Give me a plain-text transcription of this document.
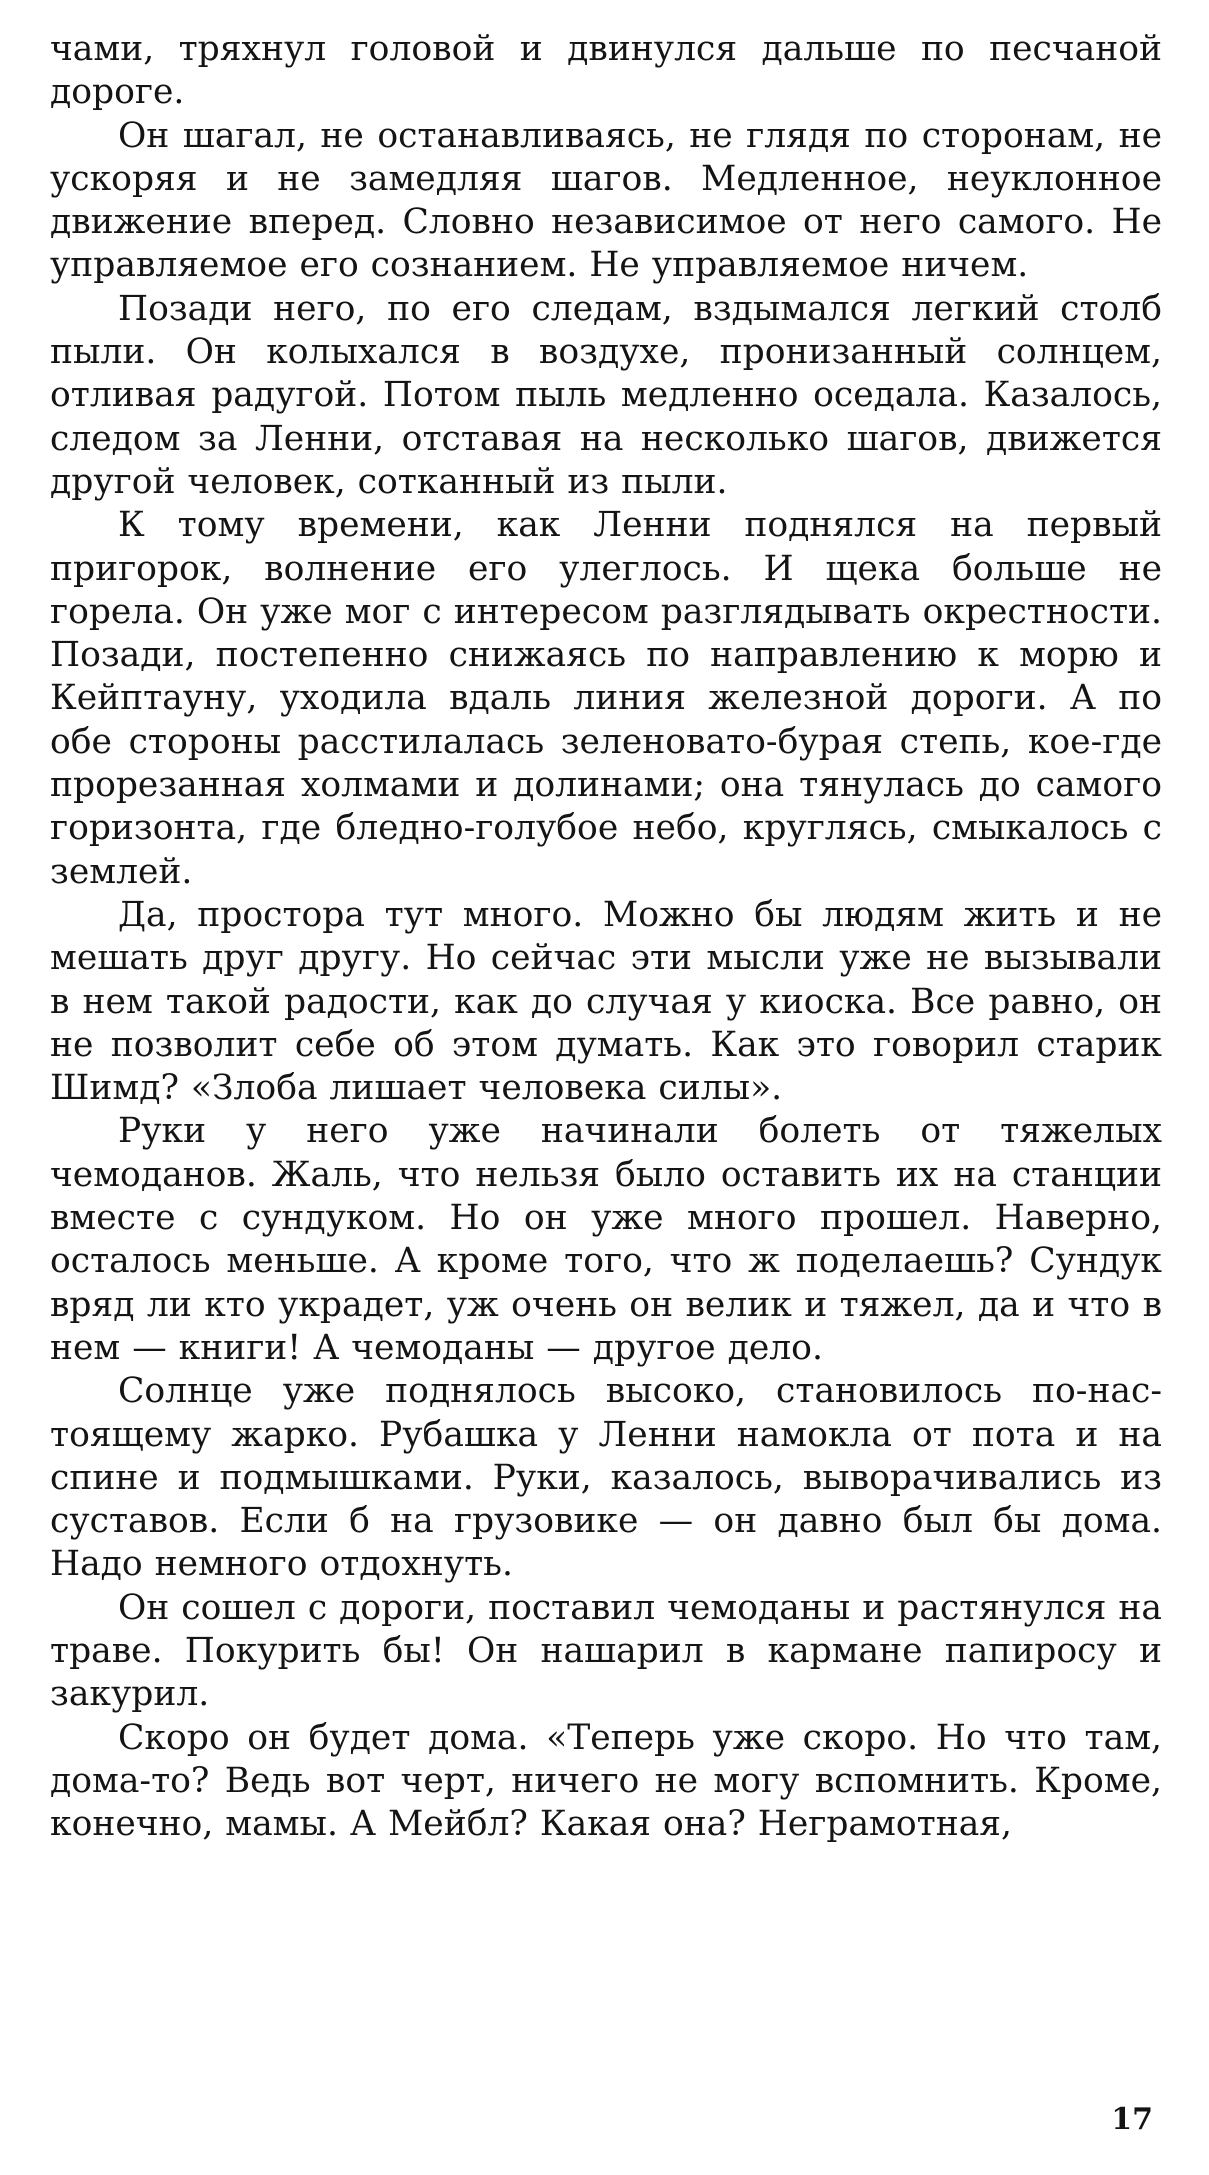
чами, тряхнул головой и двинулся дальше по песчаной дороге.

Он шагал, не останавливаясь, не глядя по сторонам, не ускоряя и не замедляя шагов. Медленное, неуклонное движение вперед. Словно независимое от него самого. Не управляемое его сознанием. Не управляемое ничем.

Позади него, по его следам, вздымался легкий столб пыли. Он колыхался в воздухе, пронизанный солнцем, отливая радугой. Потом пыль медленно оседала. Казалось, следом за Ленни, отставая на несколько шагов, движется другой человек, сотканный из пыли.

К тому времени, как Ленни поднялся на первый пригорок, волнение его улеглось. И щека больше не горела. Он уже мог с интересом разглядывать окрестности. Позади, постепенно снижаясь по направлению к морю и Кейптауну, уходила вдаль линия железной дороги. А по обе стороны расстилалась зеленовато-бурая степь, кое-где прорезанная холмами и долинами; она тянулась до самого горизонта, где бледно-голубое небо, круглясь, смыкалось с землей.

Да, простора тут много. Можно бы людям жить и не мешать друг другу. Но сейчас эти мысли уже не вызывали в нем такой радости, как до случая у киоска. Все равно, он не позволит себе об этом думать. Как это говорил старик Шимд? «Злоба лишает человека силы».

Руки у него уже начинали болеть от тяжелых чемоданов. Жаль, что нельзя было оставить их на станции вместе с сундуком. Но он уже много прошел. Наверно, осталось меньше. А кроме того, что ж поделаешь? Сундук вряд ли кто украдет, уж очень он велик и тяжел, да и что в нем — книги! А чемоданы — другое дело.

Солнце уже поднялось высоко, становилось по-настоящему жарко. Рубашка у Ленни намокла от пота и на спине и подмышками. Руки, казалось, выворачивались из суставов. Если б на грузовике — он давно был бы дома. Надо немного отдохнуть.

Он сошел с дороги, поставил чемоданы и растянулся на траве. Покурить бы! Он нашарил в кармане папиросу и закурил.

Скоро он будет дома. «Теперь уже скоро. Но что там, дома-то? Ведь вот черт, ничего не могу вспомнить. Кроме, конечно, мамы. А Мейбл? Какая она? Неграмотная,

17
